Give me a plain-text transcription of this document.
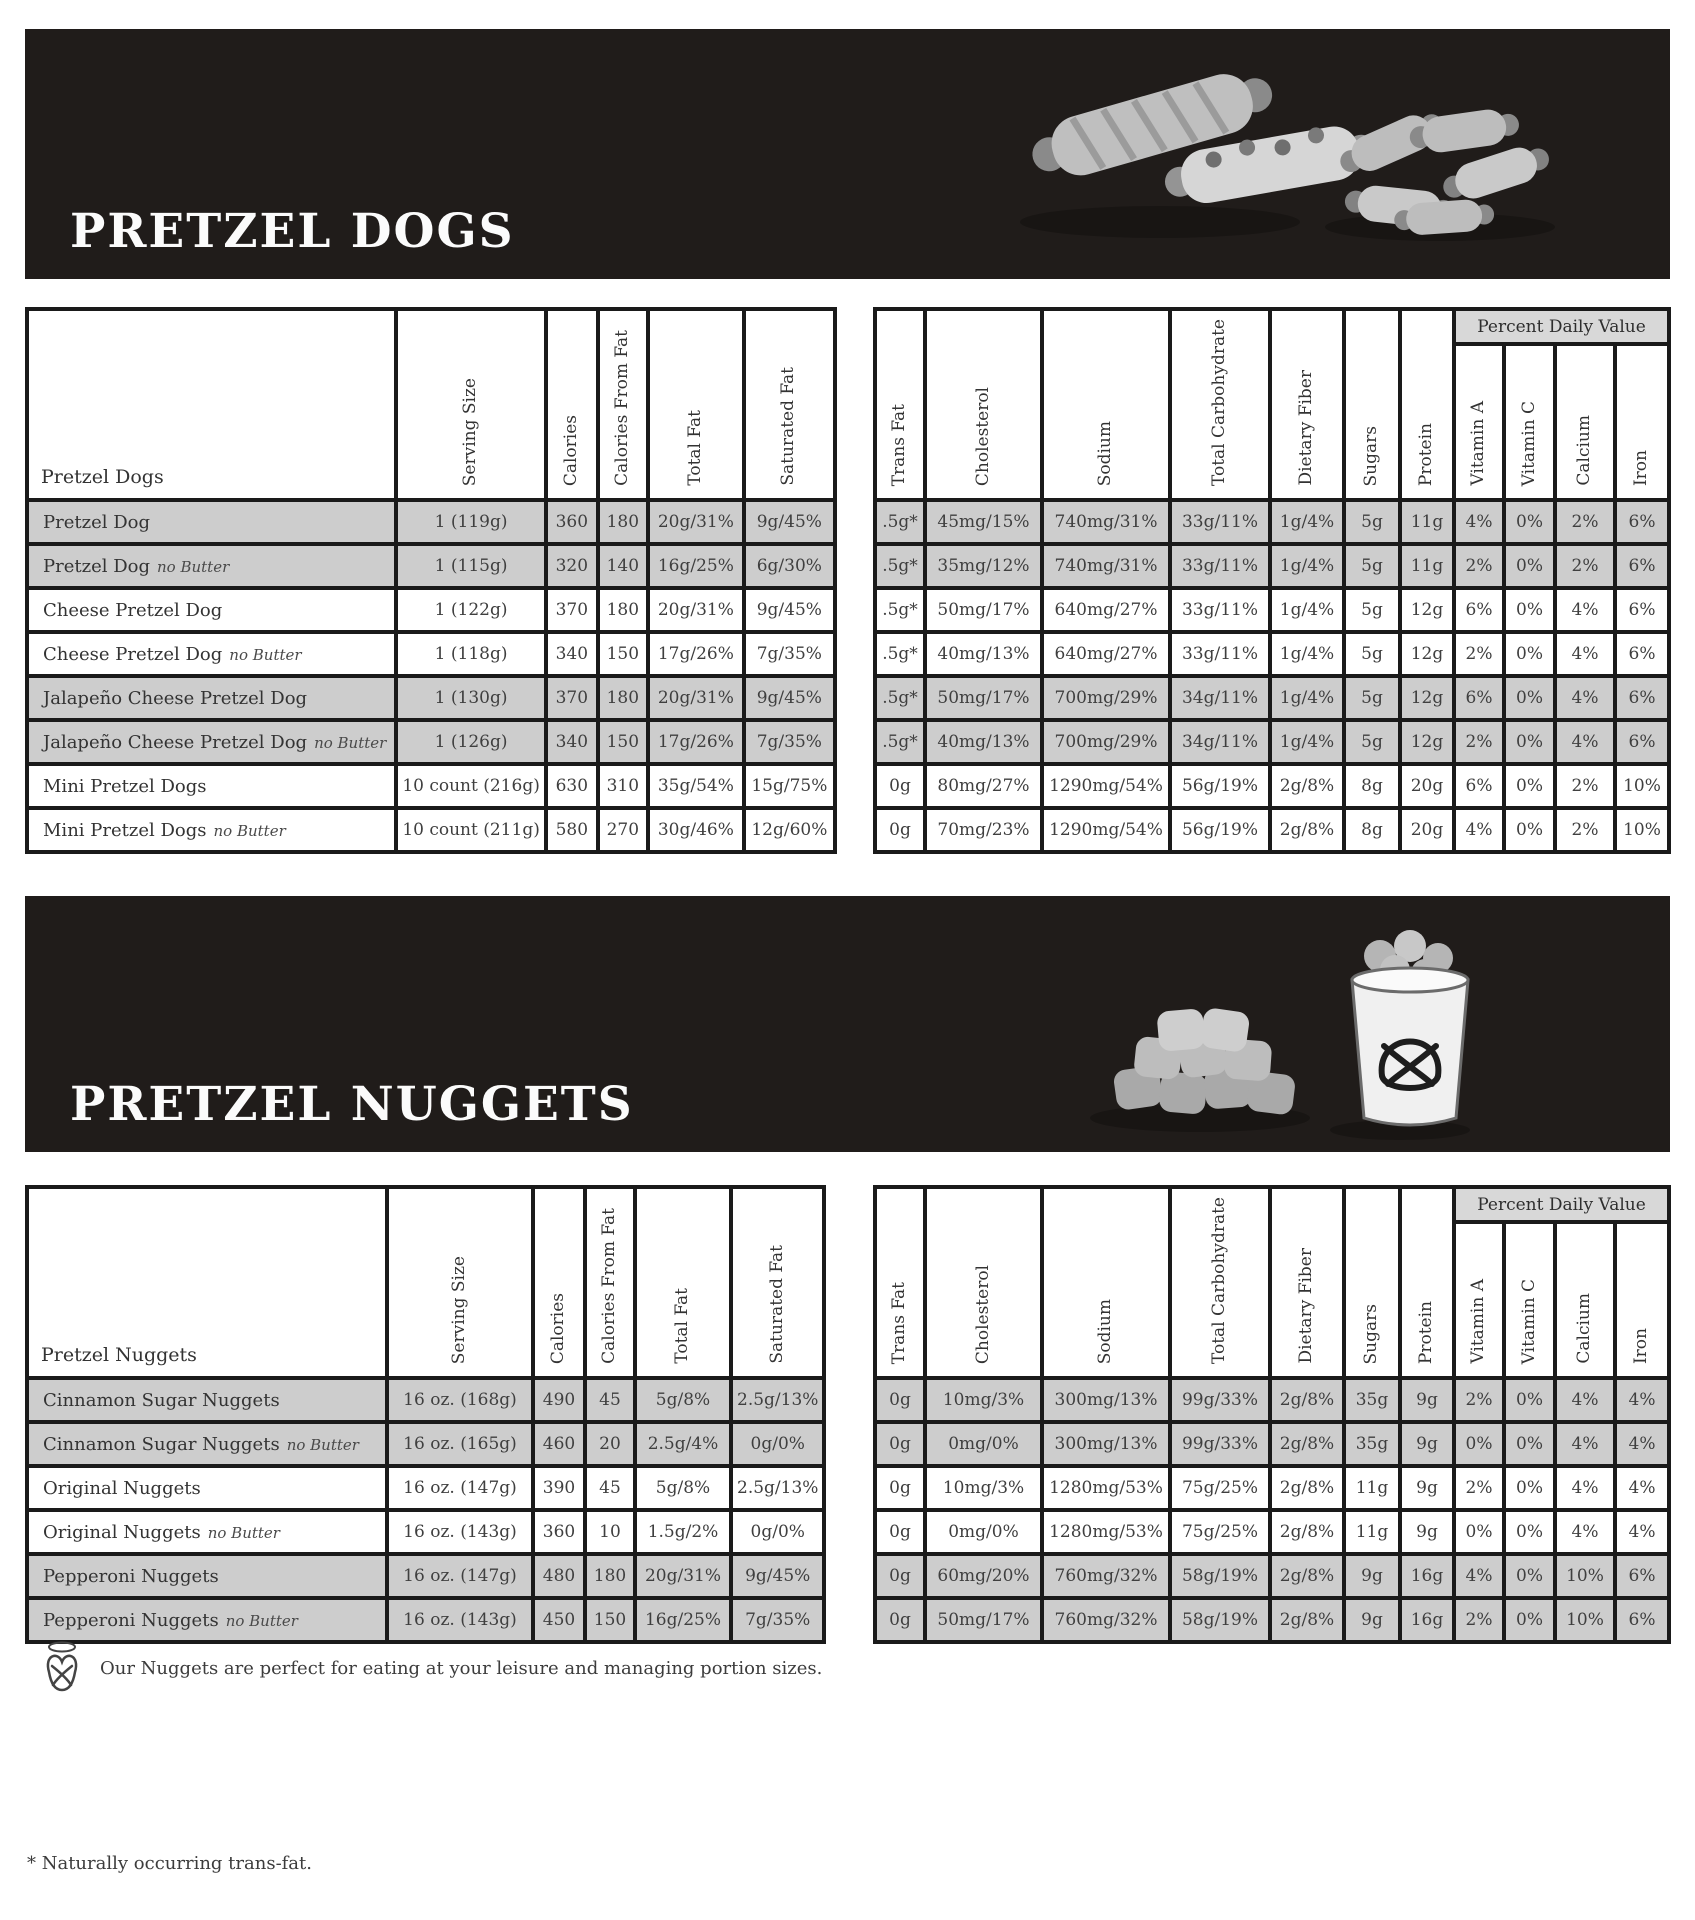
PRETZEL DOGS
Pretzel Dogs	Serving Size	Calories	Calories From Fat	Total Fat	Saturated Fat

Pretzel Dog	1 (119g)	360	180	20g/31%	9g/45%
Pretzel Dog no Butter	1 (115g)	320	140	16g/25%	6g/30%
Cheese Pretzel Dog	1 (122g)	370	180	20g/31%	9g/45%
Cheese Pretzel Dog no Butter	1 (118g)	340	150	17g/26%	7g/35%
Jalapeño Cheese Pretzel Dog	1 (130g)	370	180	20g/31%	9g/45%
Jalapeño Cheese Pretzel Dog no Butter	1 (126g)	340	150	17g/26%	7g/35%
Mini Pretzel Dogs	10 count (216g)	630	310	35g/54%	15g/75%
Mini Pretzel Dogs no Butter	10 count (211g)	580	270	30g/46%	12g/60%
Trans Fat	Cholesterol	Sodium	Total Carbohydrate	Dietary Fiber	Sugars	Protein	Percent Daily Value			

							Vitamin A	Vitamin C	Calcium	Iron

.5g*	45mg/15%	740mg/31%	33g/11%	1g/4%	5g	11g	4%	0%	2%	6%
.5g*	35mg/12%	740mg/31%	33g/11%	1g/4%	5g	11g	2%	0%	2%	6%
.5g*	50mg/17%	640mg/27%	33g/11%	1g/4%	5g	12g	6%	0%	4%	6%
.5g*	40mg/13%	640mg/27%	33g/11%	1g/4%	5g	12g	2%	0%	4%	6%
.5g*	50mg/17%	700mg/29%	34g/11%	1g/4%	5g	12g	6%	0%	4%	6%
.5g*	40mg/13%	700mg/29%	34g/11%	1g/4%	5g	12g	2%	0%	4%	6%
0g	80mg/27%	1290mg/54%	56g/19%	2g/8%	8g	20g	6%	0%	2%	10%
0g	70mg/23%	1290mg/54%	56g/19%	2g/8%	8g	20g	4%	0%	2%	10%
PRETZEL NUGGETS
Pretzel Nuggets	Serving Size	Calories	Calories From Fat	Total Fat	Saturated Fat

Cinnamon Sugar Nuggets	16 oz. (168g)	490	45	5g/8%	2.5g/13%
Cinnamon Sugar Nuggets no Butter	16 oz. (165g)	460	20	2.5g/4%	0g/0%
Original Nuggets	16 oz. (147g)	390	45	5g/8%	2.5g/13%
Original Nuggets no Butter	16 oz. (143g)	360	10	1.5g/2%	0g/0%
Pepperoni Nuggets	16 oz. (147g)	480	180	20g/31%	9g/45%
Pepperoni Nuggets no Butter	16 oz. (143g)	450	150	16g/25%	7g/35%
Trans Fat	Cholesterol	Sodium	Total Carbohydrate	Dietary Fiber	Sugars	Protein	Percent Daily Value			

							Vitamin A	Vitamin C	Calcium	Iron

0g	10mg/3%	300mg/13%	99g/33%	2g/8%	35g	9g	2%	0%	4%	4%
0g	0mg/0%	300mg/13%	99g/33%	2g/8%	35g	9g	0%	0%	4%	4%
0g	10mg/3%	1280mg/53%	75g/25%	2g/8%	11g	9g	2%	0%	4%	4%
0g	0mg/0%	1280mg/53%	75g/25%	2g/8%	11g	9g	0%	0%	4%	4%
0g	60mg/20%	760mg/32%	58g/19%	2g/8%	9g	16g	4%	0%	10%	6%
0g	50mg/17%	760mg/32%	58g/19%	2g/8%	9g	16g	2%	0%	10%	6%
Our Nuggets are perfect for eating at your leisure and managing portion sizes.
* Naturally occurring trans-fat.
